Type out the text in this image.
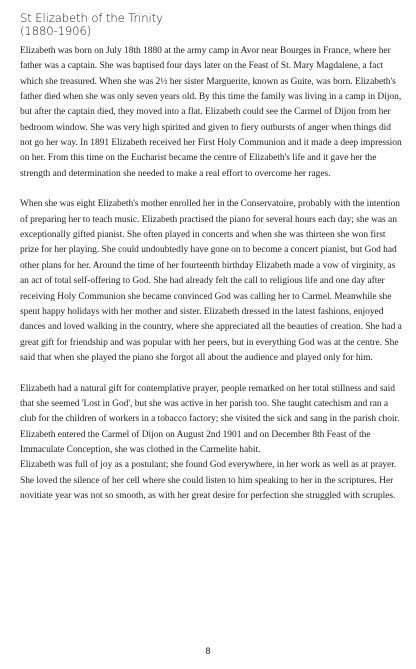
St Elizabeth of the Trinity
(1880-1906)

Elizabeth was born on July 18th 1880 at the army camp in Avor near Bourges in France, where her father was a captain. She was baptised four days later on the Feast of St. Mary Magdalene, a fact which she treasured. When she was 2½ her sister Marguerite, known as Guite, was born. Elizabeth's father died when she was only seven years old. By this time the family was living in a camp in Dijon, but after the captain died, they moved into a flat. Elizabeth could see the Carmel of Dijon from her bedroom window. She was very high spirited and given to fiery outbursts of anger when things did not go her way. In 1891 Elizabeth received her First Holy Communion and it made a deep impression on her. From this time on the Eucharist became the centre of Elizabeth's life and it gave her the strength and determination she needed to make a real effort to overcome her rages.

When she was eight Elizabeth's mother enrolled her in the Conservatoire, probably with the intention of preparing her to teach music. Elizabeth practised the piano for several hours each day; she was an exceptionally gifted pianist. She often played in concerts and when she was thirteen she won first prize for her playing. She could undoubtedly have gone on to become a concert pianist, but God had other plans for her. Around the time of her fourteenth birthday Elizabeth made a vow of virginity, as an act of total self-offering to God. She had already felt the call to religious life and one day after receiving Holy Communion she became convinced God was calling her to Carmel. Meanwhile she spent happy holidays with her mother and sister. Elizabeth dressed in the latest fashions, enjoyed dances and loved walking in the country, where she appreciated all the beauties of creation. She had a great gift for friendship and was popular with her peers, but in everything God was at the centre. She said that when she played the piano she forgot all about the audience and played only for him.

Elizabeth had a natural gift for contemplative prayer, people remarked on her total stillness and said that she seemed 'Lost in God', but she was active in her parish too. She taught catechism and ran a club for the children of workers in a tobacco factory; she visited the sick and sang in the parish choir. Elizabeth entered the Carmel of Dijon on August 2nd 1901 and on December 8th Feast of the Immaculate Conception, she was clothed in the Carmelite habit.

Elizabeth was full of joy as a postulant; she found God everywhere, in her work as well as at prayer. She loved the silence of her cell where she could listen to him speaking to her in the scriptures. Her novitiate year was not so smooth, as with her great desire for perfection she struggled with scruples.

8
